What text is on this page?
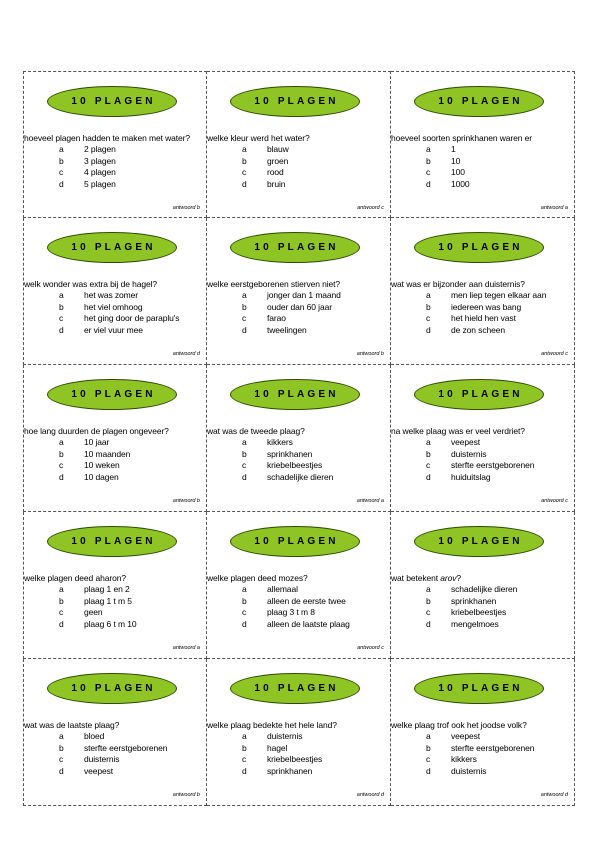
10 PLAGEN
hoeveel plagen hadden te maken met water?
a 2 plagen
b 3 plagen
c 4 plagen
d 5 plagen
antwoord b
10 PLAGEN
welke kleur werd het water?
a blauw
b groen
c rood
d bruin
antwoord c
10 PLAGEN
hoeveel soorten sprinkhanen waren er
a 1
b 10
c 100
d 1000
antwoord a
10 PLAGEN
welk wonder was extra bij de hagel?
a het was zomer
b het viel omhoog
c het ging door de paraplu's
d er viel vuur mee
antwoord d
10 PLAGEN
welke eerstgeborenen stierven niet?
a jonger dan 1 maand
b ouder dan 60 jaar
c farao
d tweelingen
antwoord b
10 PLAGEN
wat was er bijzonder aan duisternis?
a men liep tegen elkaar aan
b iedereen was bang
c het hield hen vast
d de zon scheen
antwoord c
10 PLAGEN
hoe lang duurden de plagen ongeveer?
a 10 jaar
b 10 maanden
c 10 weken
d 10 dagen
antwoord b
10 PLAGEN
wat was de tweede plaag?
a kikkers
b sprinkhanen
c kriebelbeestjes
d schadelijke dieren
antwoord a
10 PLAGEN
na welke plaag was er veel verdriet?
a veepest
b duisternis
c sterfte eerstgeborenen
d huiduitslag
antwoord c
10 PLAGEN
welke plagen deed aharon?
a plaag 1 en 2
b plaag 1 t m 5
c geen
d plaag 6 t m 10
antwoord a
10 PLAGEN
welke plagen deed mozes?
a allemaal
b alleen de eerste twee
c plaag 3 t m 8
d alleen de laatste plaag
antwoord c
10 PLAGEN
wat betekent arov?
a schadelijke dieren
b sprinkhanen
c kriebelbeestjes
d mengelmoes
10 PLAGEN
wat was de laatste plaag?
a bloed
b sterfte eerstgeborenen
c duisternis
d veepest
antwoord b
10 PLAGEN
welke plaag bedekte het hele land?
a duisternis
b hagel
c kriebelbeestjes
d sprinkhanen
antwoord d
10 PLAGEN
welke plaag trof ook het joodse volk?
a veepest
b sterfte eerstgeborenen
c kikkers
d duisternis
antwoord d
